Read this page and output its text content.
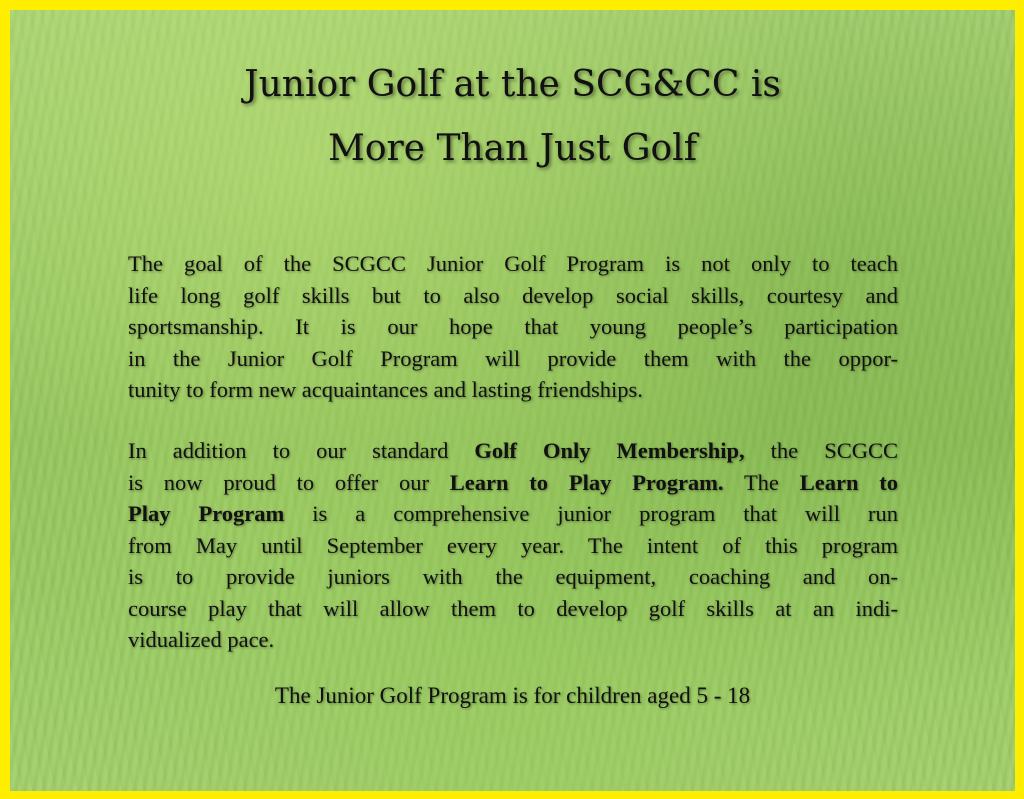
Junior Golf at the SCG&CC is
More Than Just Golf
The goal of the SCGCC Junior Golf Program is not only to teach
life long golf skills but to also develop social skills, courtesy and
sportsmanship. It is our hope that young people’s participation
in the Junior Golf Program will provide them with the oppor-
tunity to form new acquaintances and lasting friendships.
In addition to our standard Golf Only Membership, the SCGCC
is now proud to offer our Learn to Play Program. The Learn to
Play Program is a comprehensive junior program that will run
from May until September every year. The intent of this program
is to provide juniors with the equipment, coaching and on-
course play that will allow them to develop golf skills at an indi-
vidualized pace.

The Junior Golf Program is for children aged 5 - 18
